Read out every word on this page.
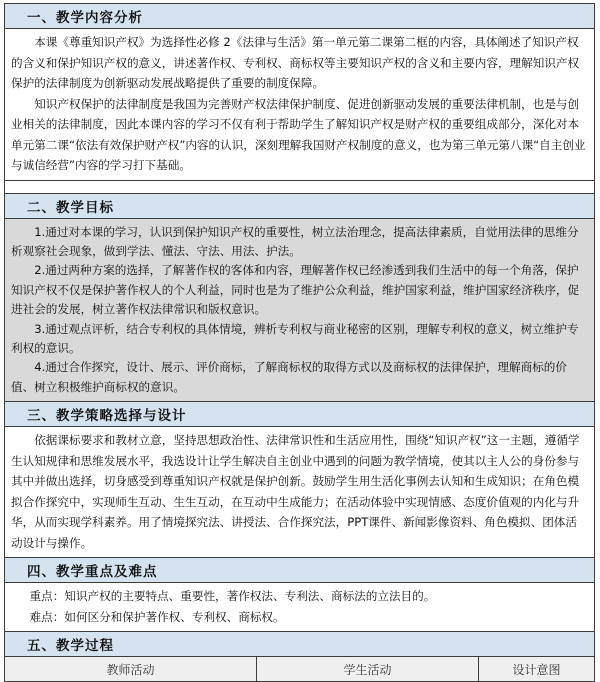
一、教学内容分析

本课《尊重知识产权》为选择性必修 2《法律与生活》第一单元第二课第二框的内容，具体阐述了知识产权的含义和保护知识产权的意义，讲述著作权、专利权、商标权等主要知识产权的含义和主要内容，理解知识产权保护的法律制度为创新驱动发展战略提供了重要的制度保障。

知识产权保护的法律制度是我国为完善财产权法律保护制度、促进创新驱动发展的重要法律机制，也是与创业相关的法律制度，因此本课内容的学习不仅有利于帮助学生了解知识产权是财产权的重要组成部分，深化对本单元第二课“依法有效保护财产权”内容的认识，深刻理解我国财产权制度的意义，也为第三单元第八课“自主创业与诚信经营”内容的学习打下基础。

二、教学目标

1.通过对本课的学习，认识到保护知识产权的重要性，树立法治理念，提高法律素质，自觉用法律的思维分析观察社会现象，做到学法、懂法、守法、用法、护法。

2.通过两种方案的选择，了解著作权的客体和内容，理解著作权已经渗透到我们生活中的每一个角落，保护知识产权不仅是保护著作权人的个人利益，同时也是为了维护公众利益，维护国家利益，维护国家经济秩序，促进社会的发展，树立著作权法律常识和版权意识。

3.通过观点评析，结合专利权的具体情境，辨析专利权与商业秘密的区别，理解专利权的意义，树立维护专利权的意识。

4.通过合作探究，设计、展示、评价商标，了解商标权的取得方式以及商标权的法律保护，理解商标的价值、树立积极维护商标权的意识。

三、教学策略选择与设计

依据课标要求和教材立意，坚持思想政治性、法律常识性和生活应用性，围绕“知识产权”这一主题，遵循学生认知规律和思维发展水平，我选设计让学生解决自主创业中遇到的问题为教学情境，使其以主人公的身份参与其中并做出选择，切身感受到尊重知识产权就是保护创新。鼓励学生用生活化事例去认知和生成知识；在角色模拟合作探究中，实现师生互动、生生互动，在互动中生成能力；在活动体验中实现情感、态度价值观的内化与升华，从而实现学科素养。用了情境探究法、讲授法、合作探究法，PPT课件、新闻影像资料、角色模拟、团体活动设计与操作。

四、教学重点及难点

重点：知识产权的主要特点、重要性，著作权法、专利法、商标法的立法目的。

难点：如何区分和保护著作权、专利权、商标权。

五、教学过程
教师活动	学生活动	设计意图
